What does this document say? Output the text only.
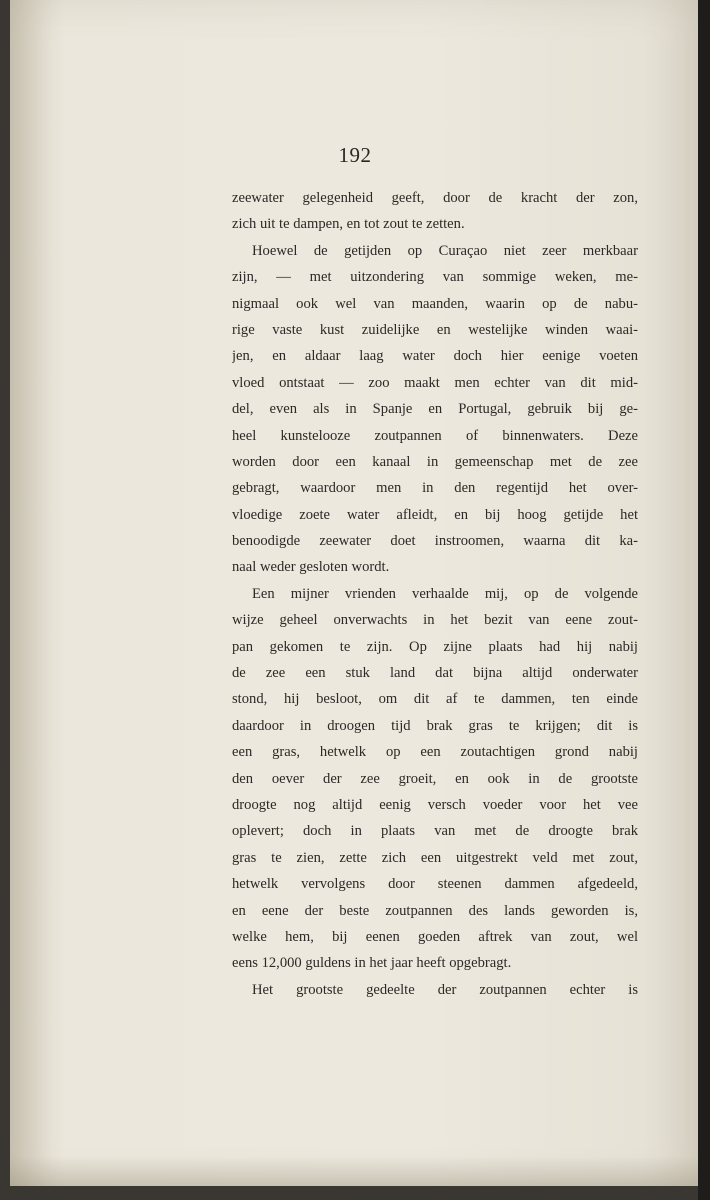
192
zeewater gelegenheid geeft, door de kracht der zon,
zich uit te dampen, en tot zout te zetten.
Hoewel de getijden op Curaçao niet zeer merkbaar
zijn, — met uitzondering van sommige weken, me-
nigmaal ook wel van maanden, waarin op de nabu-
rige vaste kust zuidelijke en westelijke winden waai-
jen, en aldaar laag water doch hier eenige voeten
vloed ontstaat — zoo maakt men echter van dit mid-
del, even als in Spanje en Portugal, gebruik bij ge-
heel kunstelooze zoutpannen of binnenwaters. Deze
worden door een kanaal in gemeenschap met de zee
gebragt, waardoor men in den regentijd het over-
vloedige zoete water afleidt, en bij hoog getijde het
benoodigde zeewater doet instroomen, waarna dit ka-
naal weder gesloten wordt.
Een mijner vrienden verhaalde mij, op de volgende
wijze geheel onverwachts in het bezit van eene zout-
pan gekomen te zijn. Op zijne plaats had hij nabij
de zee een stuk land dat bijna altijd onderwater
stond, hij besloot, om dit af te dammen, ten einde
daardoor in droogen tijd brak gras te krijgen; dit is
een gras, hetwelk op een zoutachtigen grond nabij
den oever der zee groeit, en ook in de grootste
droogte nog altijd eenig versch voeder voor het vee
oplevert; doch in plaats van met de droogte brak
gras te zien, zette zich een uitgestrekt veld met zout,
hetwelk vervolgens door steenen dammen afgedeeld,
en eene der beste zoutpannen des lands geworden is,
welke hem, bij eenen goeden aftrek van zout, wel
eens 12,000 guldens in het jaar heeft opgebragt.
Het grootste gedeelte der zoutpannen echter is
